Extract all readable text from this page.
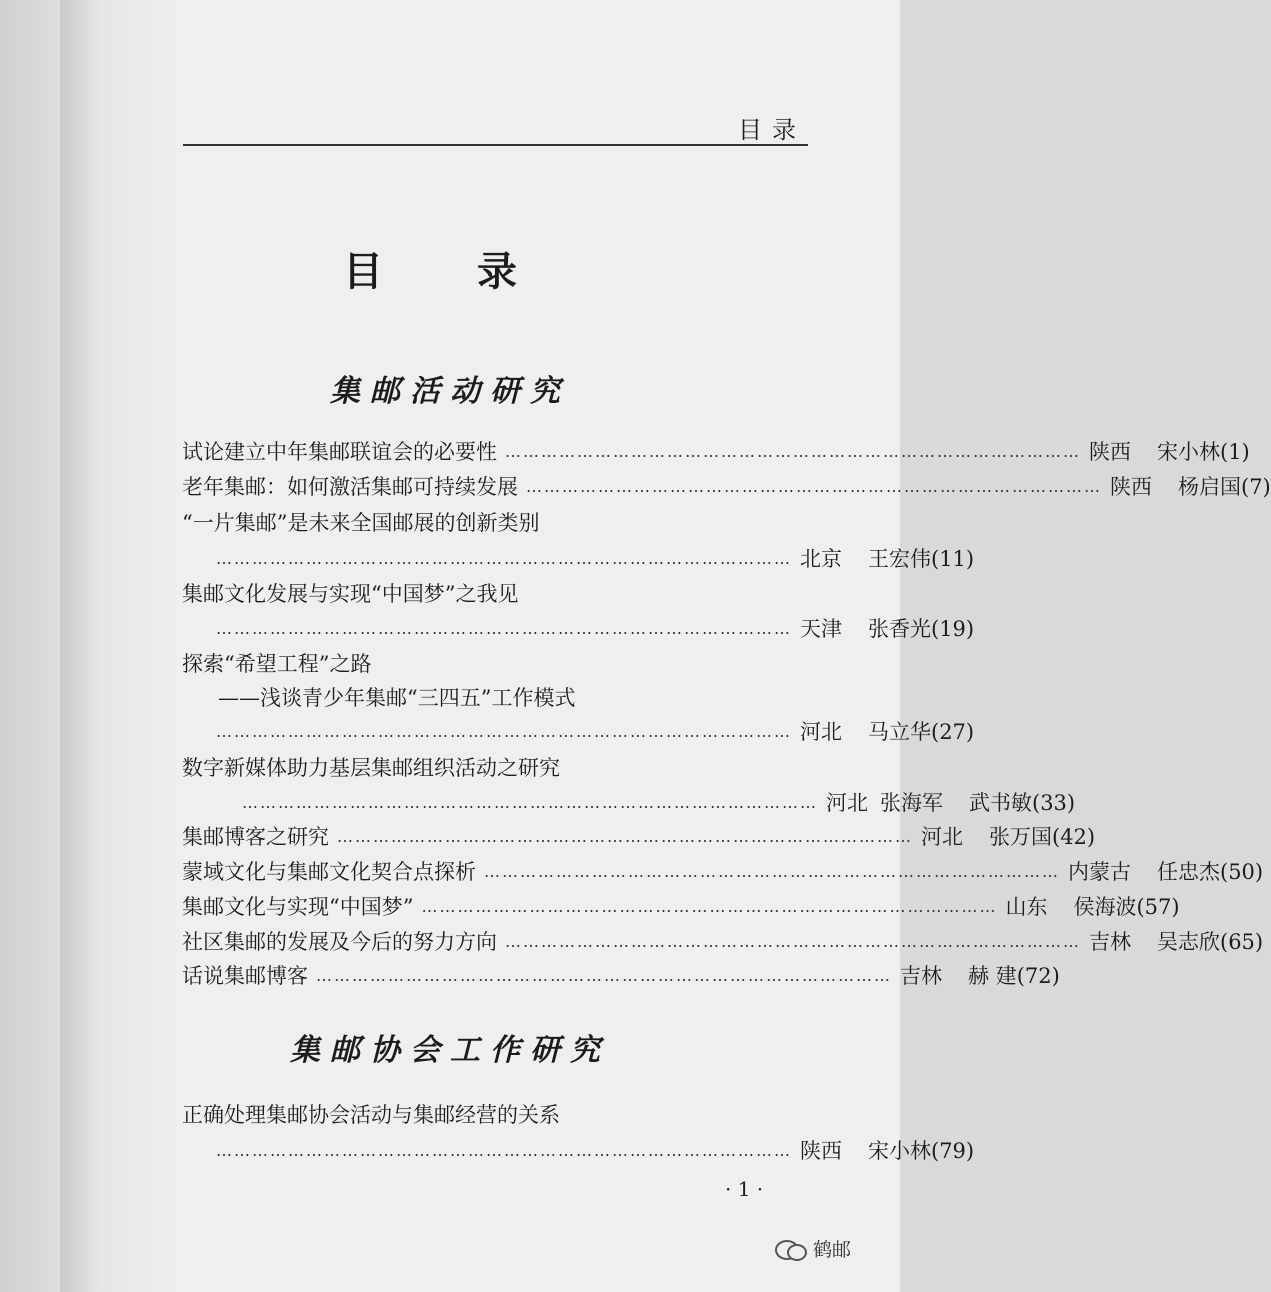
目录
目 录
集邮活动研究
试论建立中年集邮联谊会的必要性 …………………………………………………………………………………… 陕西 宋小林(1)
老年集邮：如何激活集邮可持续发展 …………………………………………………………………………………… 陕西 杨启国(7)
“一片集邮”是未来全国邮展的创新类别
…………………………………………………………………………………… 北京 王宏伟(11)
集邮文化发展与实现“中国梦”之我见
…………………………………………………………………………………… 天津 张香光(19)
探索“希望工程”之路
——浅谈青少年集邮“三四五”工作模式
…………………………………………………………………………………… 河北 马立华(27)
数字新媒体助力基层集邮组织活动之研究
…………………………………………………………………………………… 河北 张海军 武书敏(33)
集邮博客之研究 …………………………………………………………………………………… 河北 张万国(42)
蒙域文化与集邮文化契合点探析 …………………………………………………………………………………… 内蒙古 任忠杰(50)
集邮文化与实现“中国梦” …………………………………………………………………………………… 山东 侯海波(57)
社区集邮的发展及今后的努力方向 …………………………………………………………………………………… 吉林 吴志欣(65)
话说集邮博客 …………………………………………………………………………………… 吉林 赫 建(72)
集邮协会工作研究
正确处理集邮协会活动与集邮经营的关系
…………………………………………………………………………………… 陕西 宋小林(79)
· 1 ·
鹤邮
